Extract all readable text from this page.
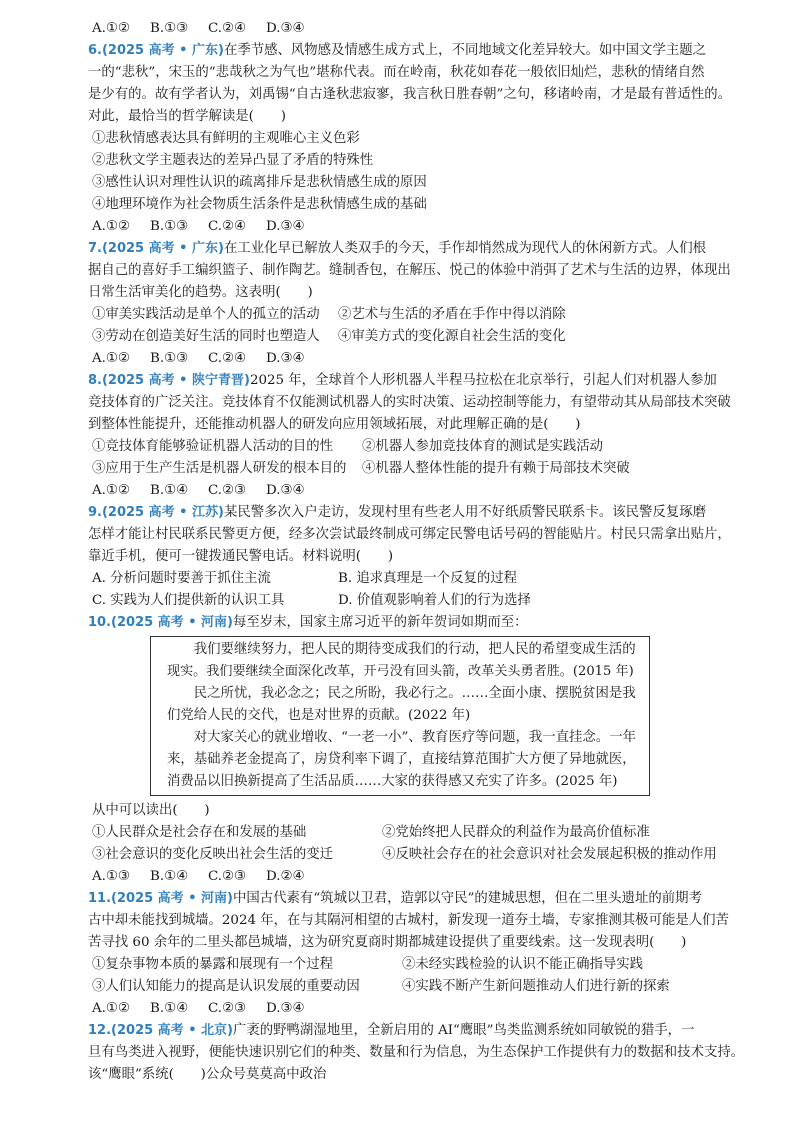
A.①② B.①③ C.②④ D.③④
6.(2025 高考 • 广东)在季节感、风物感及情感生成方式上，不同地域文化差异较大。如中国文学主题之
一的“悲秋”，宋玉的“悲哉秋之为气也”堪称代表。而在岭南，秋花如春花一般依旧灿烂，悲秋的情绪自然
是少有的。故有学者认为，刘禹锡“自古逢秋悲寂寥，我言秋日胜春朝”之句，移诸岭南，才是最有普适性的。
对此，最恰当的哲学解读是(　　)
①悲秋情感表达具有鲜明的主观唯心主义色彩
②悲秋文学主题表达的差异凸显了矛盾的特殊性
③感性认识对理性认识的疏离排斥是悲秋情感生成的原因
④地理环境作为社会物质生活条件是悲秋情感生成的基础
A.①② B.①③ C.②④ D.③④
7.(2025 高考 • 广东)在工业化早已解放人类双手的今天，手作却悄然成为现代人的休闲新方式。人们根
据自己的喜好手工编织篮子、制作陶艺。缝制香包，在解压、悦己的体验中消弭了艺术与生活的边界，体现出
日常生活审美化的趋势。这表明(　　)
①审美实践活动是单个人的孤立的活动 ②艺术与生活的矛盾在手作中得以消除
③劳动在创造美好生活的同时也塑造人 ④审美方式的变化源自社会生活的变化
A.①② B.①③ C.②④ D.③④
8.(2025 高考 • 陕宁青晋)2025 年，全球首个人形机器人半程马拉松在北京举行，引起人们对机器人参加
竞技体育的广泛关注。竞技体育不仅能测试机器人的实时决策、运动控制等能力，有望带动其从局部技术突破
到整体性能提升，还能推动机器人的研发向应用领域拓展，对此理解正确的是(　　)
①竞技体育能够验证机器人活动的目的性 ②机器人参加竞技体育的测试是实践活动
③应用于生产生活是机器人研发的根本目的 ④机器人整体性能的提升有赖于局部技术突破
A.①② B.①④ C.②③ D.③④
9.(2025 高考 • 江苏)某民警多次入户走访，发现村里有些老人用不好纸质警民联系卡。该民警反复琢磨
怎样才能让村民联系民警更方便，经多次尝试最终制成可绑定民警电话号码的智能贴片。村民只需拿出贴片，
靠近手机，便可一键拨通民警电话。材料说明(　　)
A. 分析问题时要善于抓住主流	B. 追求真理是一个反复的过程
C. 实践为人们提供新的认识工具	D. 价值观影响着人们的行为选择
10.(2025 高考 • 河南)每至岁末，国家主席习近平的新年贺词如期而至：
　　我们要继续努力，把人民的期待变成我们的行动，把人民的希望变成生活的
现实。我们要继续全面深化改革，开弓没有回头箭，改革关头勇者胜。(2015 年)
　　民之所忧，我必念之；民之所盼，我必行之。……全面小康、摆脱贫困是我
们党给人民的交代，也是对世界的贡献。(2022 年)
　　对大家关心的就业增收、“一老一小”、教育医疗等问题，我一直挂念。一年
来，基础养老金提高了，房贷利率下调了，直接结算范围扩大方便了异地就医，
消费品以旧换新提高了生活品质……大家的获得感又充实了许多。(2025 年)
从中可以读出(　　)
①人民群众是社会存在和发展的基础	②党始终把人民群众的利益作为最高价值标准
③社会意识的变化反映出社会生活的变迁	④反映社会存在的社会意识对社会发展起积极的推动作用
A.①③ B.①④ C.②③ D.②④
11.(2025 高考 • 河南)中国古代素有“筑城以卫君，造郭以守民”的建城思想，但在二里头遗址的前期考
古中却未能找到城墙。2024 年，在与其隔河相望的古城村，新发现一道夯土墙，专家推测其极可能是人们苦
苦寻找 60 余年的二里头都邑城墙，这为研究夏商时期都城建设提供了重要线索。这一发现表明(　　)
①复杂事物本质的暴露和展现有一个过程	②未经实践检验的认识不能正确指导实践
③人们认知能力的提高是认识发展的重要动因	④实践不断产生新问题推动人们进行新的探索
A.①② B.①④ C.②③ D.③④
12.(2025 高考 • 北京)广袤的野鸭湖湿地里，全新启用的 AI“鹰眼”鸟类监测系统如同敏锐的猎手，一
旦有鸟类进入视野，便能快速识别它们的种类、数量和行为信息，为生态保护工作提供有力的数据和技术支持。
该“鹰眼”系统(　　)公众号莫莫高中政治
